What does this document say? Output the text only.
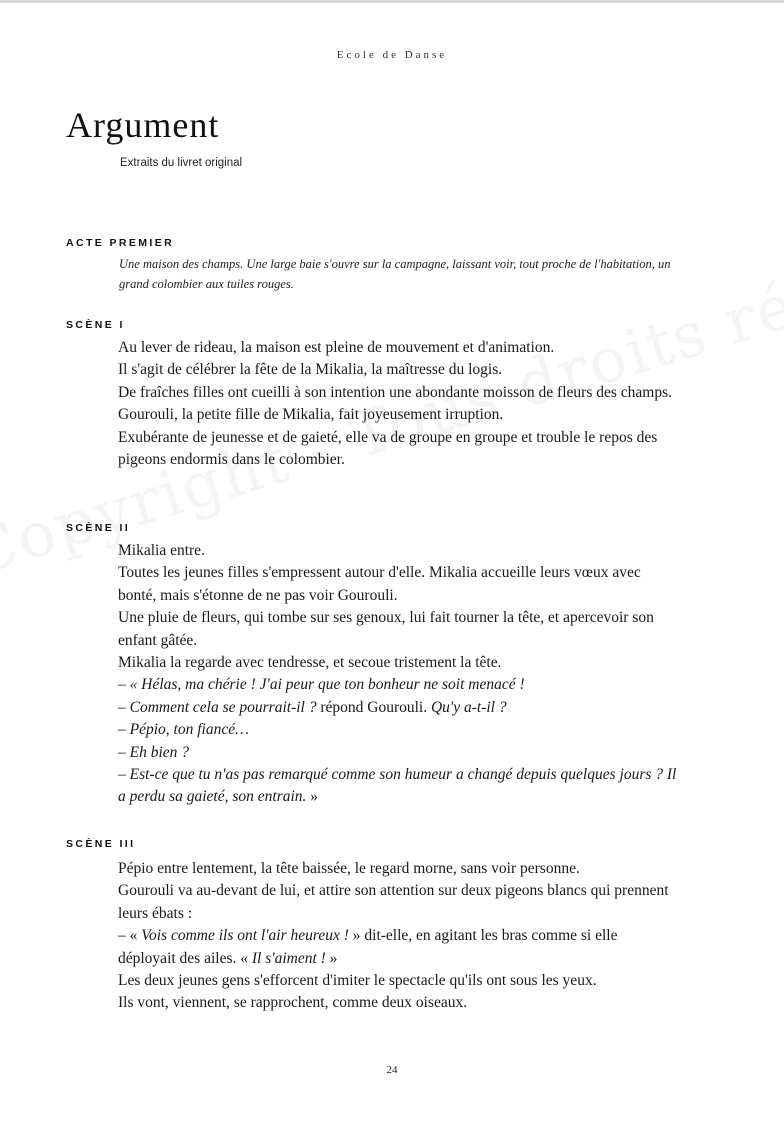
Ecole de Danse
Argument
Extraits du livret original
ACTE PREMIER

Une maison des champs. Une large baie s'ouvre sur la campagne, laissant voir, tout proche de l'habitation, un grand colombier aux tuiles rouges.

SCÈNE I

Au lever de rideau, la maison est pleine de mouvement et d'animation.

Il s'agit de célébrer la fête de la Mikalia, la maîtresse du logis.

De fraîches filles ont cueilli à son intention une abondante moisson de fleurs des champs.

Gourouli, la petite fille de Mikalia, fait joyeusement irruption.

Exubérante de jeunesse et de gaieté, elle va de groupe en groupe et trouble le repos des pigeons endormis dans le colombier.

SCÈNE II

Mikalia entre.

Toutes les jeunes filles s'empressent autour d'elle. Mikalia accueille leurs vœux avec bonté, mais s'étonne de ne pas voir Gourouli.

Une pluie de fleurs, qui tombe sur ses genoux, lui fait tourner la tête, et apercevoir son enfant gâtée.

Mikalia la regarde avec tendresse, et secoue tristement la tête.

– « Hélas, ma chérie ! J'ai peur que ton bonheur ne soit menacé !

– Comment cela se pourrait-il ? répond Gourouli. Qu'y a-t-il ?

– Pépio, ton fiancé…

– Eh bien ?

– Est-ce que tu n'as pas remarqué comme son humeur a changé depuis quelques jours ? Il a perdu sa gaieté, son entrain. »

SCÈNE III

Pépio entre lentement, la tête baissée, le regard morne, sans voir personne.

Gourouli va au-devant de lui, et attire son attention sur deux pigeons blancs qui prennent leurs ébats :

– « Vois comme ils ont l'air heureux ! » dit-elle, en agitant les bras comme si elle déployait des ailes. « Il s'aiment ! »

Les deux jeunes gens s'efforcent d'imiter le spectacle qu'ils ont sous les yeux.

Ils vont, viennent, se rapprochent, comme deux oiseaux.

24
